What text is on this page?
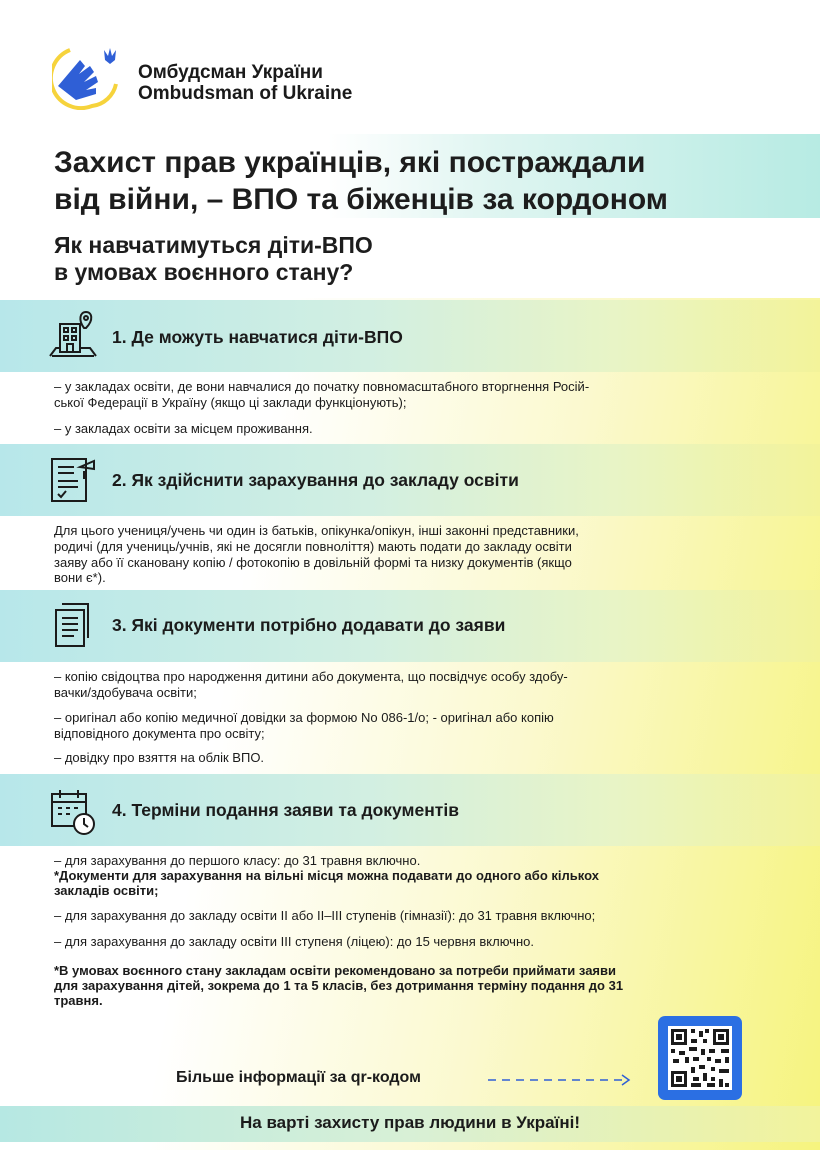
Омбудсман України
Ombudsman of Ukraine
Захист прав українців, які постраждали
від війни, – ВПО та біженців за кордоном
Як навчатимуться діти-ВПО
в умовах воєнного стану?
1. Де можуть навчатися діти-ВПО

– у закладах освіти, де вони навчалися до початку повномасштабного вторгнення Росій-

ської Федерації в Україну (якщо ці заклади функціонують);

– у закладах освіти за місцем проживання.

2. Як здійснити зарахування до закладу освіти

Для цього учениця/учень чи один із батьків, опікунка/опікун, інші законні представники,

родичі (для учениць/учнів, які не досягли повноліття) мають подати до закладу освіти

заяву або її скановану копію / фотокопію в довільній формі та низку документів (якщо

вони є*).

3. Які документи потрібно додавати до заяви

– копію свідоцтва про народження дитини або документа, що посвідчує особу здобу-

вачки/здобувача освіти;

– оригінал або копію медичної довідки за формою No 086-1/о; - оригінал або копію

відповідного документа про освіту;

– довідку про взяття на облік ВПО.

4. Терміни подання заяви та документів

– для зарахування до першого класу: до 31 травня включно.

*Документи для зарахування на вільні місця можна подавати до одного або кількох

закладів освіти;

– для зарахування до закладу освіти II або II–III ступенів (гімназії): до 31 травня включно;

– для зарахування до закладу освіти III ступеня (ліцею): до 15 червня включно.

*В умовах воєнного стану закладам освіти рекомендовано за потреби приймати заяви

для зарахування дітей, зокрема до 1 та 5 класів, без дотримання терміну подання до 31

травня.

Більше інформації за qr-кодом
На варті захисту прав людини в Україні!
